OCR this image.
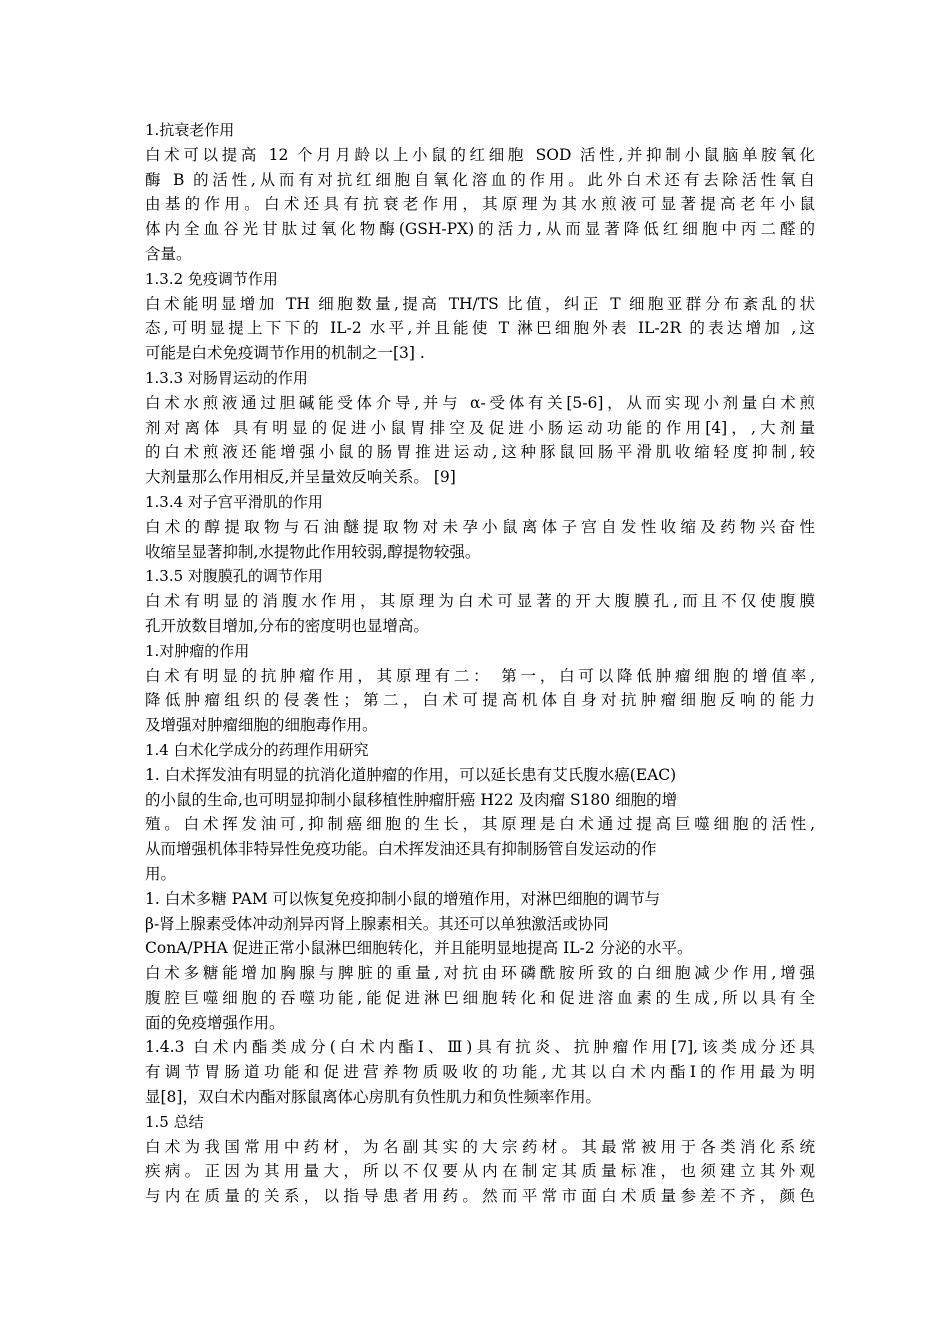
1.抗衰老作用
白术可以提高 12 个月月龄以上小鼠的红细胞 SOD 活性,并抑制小鼠脑单胺氧化
酶 B 的活性,从而有对抗红细胞自氧化溶血的作用。此外白术还有去除活性氧自
由基的作用。白术还具有抗衰老作用，其原理为其水煎液可显著提高老年小鼠
体内全血谷光甘肽过氧化物酶(GSH-PX)的活力,从而显著降低红细胞中丙二醛的
含量。
1.3.2 免疫调节作用
白术能明显增加 TH 细胞数量,提高 TH/TS 比值，纠正 T 细胞亚群分布紊乱的状
态,可明显提上下下的 IL-2 水平,并且能使 T 淋巴细胞外表 IL-2R 的表达增加 ,这
可能是白术免疫调节作用的机制之一[3] .
1.3.3 对肠胃运动的作用
白术水煎液通过胆碱能受体介导,并与 α-受体有关[5-6]，从而实现小剂量白术煎
剂对离体 具有明显的促进小鼠胃排空及促进小肠运动功能的作用[4]，,大剂量
的白术煎液还能增强小鼠的肠胃推进运动,这种豚鼠回肠平滑肌收缩轻度抑制,较
大剂量那么作用相反,并呈量效反响关系。 [9]
1.3.4 对子宫平滑肌的作用
白术的醇提取物与石油醚提取物对未孕小鼠离体子宫自发性收缩及药物兴奋性
收缩呈显著抑制,水提物此作用较弱,醇提物较强。
1.3.5 对腹膜孔的调节作用
白术有明显的消腹水作用，其原理为白术可显著的开大腹膜孔,而且不仅使腹膜
孔开放数目增加,分布的密度明也显增高。
1.对肿瘤的作用
白术有明显的抗肿瘤作用，其原理有二： 第一，白可以降低肿瘤细胞的增值率,
降低肿瘤组织的侵袭性；第二，白术可提高机体自身对抗肿瘤细胞反响的能力
及增强对肿瘤细胞的细胞毒作用。
1.4 白术化学成分的药理作用研究
1. 白术挥发油有明显的抗消化道肿瘤的作用，可以延长患有艾氏腹水癌(EAC)
的小鼠的生命,也可明显抑制小鼠移植性肿瘤肝癌 H22 及肉瘤 S180 细胞的增
殖。白术挥发油可,抑制癌细胞的生长，其原理是白术通过提高巨噬细胞的活性,
从而增强机体非特异性免疫功能。白术挥发油还具有抑制肠管自发运动的作
用。
1. 白术多糖 PAM 可以恢复免疫抑制小鼠的增殖作用，对淋巴细胞的调节与
β-肾上腺素受体冲动剂异丙肾上腺素相关。其还可以单独激活或协同
ConA/PHA 促进正常小鼠淋巴细胞转化，并且能明显地提高 IL-2 分泌的水平。
白术多糖能增加胸腺与脾脏的重量,对抗由环磷酰胺所致的白细胞减少作用,增强
腹腔巨噬细胞的吞噬功能,能促进淋巴细胞转化和促进溶血素的生成,所以具有全
面的免疫增强作用。
1.4.3 白术内酯类成分(白术内酯Ⅰ、Ⅲ)具有抗炎、抗肿瘤作用[7],该类成分还具
有调节胃肠道功能和促进营养物质吸收的功能,尤其以白术内酯Ⅰ的作用最为明
显[8]，双白术内酯对豚鼠离体心房肌有负性肌力和负性频率作用。
1.5 总结
白术为我国常用中药材，为名副其实的大宗药材。其最常被用于各类消化系统
疾病。正因为其用量大，所以不仅要从内在制定其质量标准，也须建立其外观
与内在质量的关系，以指导患者用药。然而平常市面白术质量参差不齐，颜色
